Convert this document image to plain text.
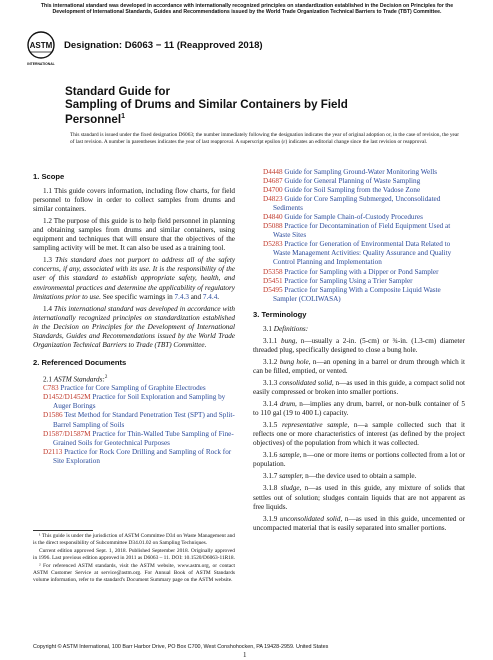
This international standard was developed in accordance with internationally recognized principles on standardization established in the Decision on Principles for the Development of International Standards, Guides and Recommendations issued by the World Trade Organization Technical Barriers to Trade (TBT) Committee.
ASTM
INTERNATIONAL
Designation: D6063 − 11 (Reapproved 2018)
Standard Guide for
Sampling of Drums and Similar Containers by Field
Personnel$^1$
This standard is issued under the fixed designation D6063; the number immediately following the designation indicates the year of original adoption or, in the case of revision, the year of last revision. A number in parentheses indicates the year of last reapproval. A superscript epsilon (ε) indicates an editorial change since the last revision or reapproval.
1. Scope

1.1 This guide covers information, including flow charts, for field personnel to follow in order to collect samples from drums and similar containers.

1.2 The purpose of this guide is to help field personnel in planning and obtaining samples from drums and similar containers, using equipment and techniques that will ensure that the objectives of the sampling activity will be met. It can also be used as a training tool.

1.3 This standard does not purport to address all of the safety concerns, if any, associated with its use. It is the responsibility of the user of this standard to establish appropriate safety, health, and environmental practices and determine the applicability of regulatory limitations prior to use. See specific warnings in 7.4.3 and 7.4.4.

1.4 This international standard was developed in accordance with internationally recognized principles on standardization established in the Decision on Principles for the Development of International Standards, Guides and Recommendations issued by the World Trade Organization Technical Barriers to Trade (TBT) Committee.

2. Referenced Documents

2.1 ASTM Standards:$^2$

C783 Practice for Core Sampling of Graphite Electrodes

D1452/D1452M Practice for Soil Exploration and Sampling by Auger Borings

D1586 Test Method for Standard Penetration Test (SPT) and Split-Barrel Sampling of Soils

D1587/D1587M Practice for Thin-Walled Tube Sampling of Fine-Grained Soils for Geotechnical Purposes

D2113 Practice for Rock Core Drilling and Sampling of Rock for Site Exploration

D4448 Guide for Sampling Ground-Water Monitoring Wells

D4687 Guide for General Planning of Waste Sampling

D4700 Guide for Soil Sampling from the Vadose Zone

D4823 Guide for Core Sampling Submerged, Unconsolidated Sediments

D4840 Guide for Sample Chain-of-Custody Procedures

D5088 Practice for Decontamination of Field Equipment Used at Waste Sites

D5283 Practice for Generation of Environmental Data Related to Waste Management Activities: Quality Assurance and Quality Control Planning and Implementation

D5358 Practice for Sampling with a Dipper or Pond Sampler

D5451 Practice for Sampling Using a Trier Sampler

D5495 Practice for Sampling With a Composite Liquid Waste Sampler (COLIWASA)

3. Terminology

3.1 Definitions:

3.1.1 bung, n—usually a 2-in. (5-cm) or ¾-in. (1.3-cm) diameter threaded plug, specifically designed to close a bung hole.

3.1.2 bung hole, n—an opening in a barrel or drum through which it can be filled, emptied, or vented.

3.1.3 consolidated solid, n—as used in this guide, a compact solid not easily compressed or broken into smaller portions.

3.1.4 drum, n—implies any drum, barrel, or non-bulk container of 5 to 110 gal (19 to 400 L) capacity.

3.1.5 representative sample, n—a sample collected such that it reflects one or more characteristics of interest (as defined by the project objectives) of the population from which it was collected.

3.1.6 sample, n—one or more items or portions collected from a lot or population.

3.1.7 sampler, n—the device used to obtain a sample.

3.1.8 sludge, n—as used in this guide, any mixture of solids that settles out of solution; sludges contain liquids that are not apparent as free liquids.

3.1.9 unconsolidated solid, n—as used in this guide, uncemented or uncompacted material that is easily separated into smaller portions.

¹ This guide is under the jurisdiction of ASTM Committee D34 on Waste Management and is the direct responsibility of Subcommittee D34.01.02 on Sampling Techniques.

Current edition approved Sept. 1, 2018. Published September 2018. Originally approved in 1996. Last previous edition approved in 2011 as D6063 – 11. DOI: 10.1520/D6063-11R18.

² For referenced ASTM standards, visit the ASTM website, www.astm.org, or contact ASTM Customer Service at service@astm.org. For Annual Book of ASTM Standards volume information, refer to the standard's Document Summary page on the ASTM website.

Copyright © ASTM International, 100 Barr Harbor Drive, PO Box C700, West Conshohocken, PA 19428-2959. United States
1
